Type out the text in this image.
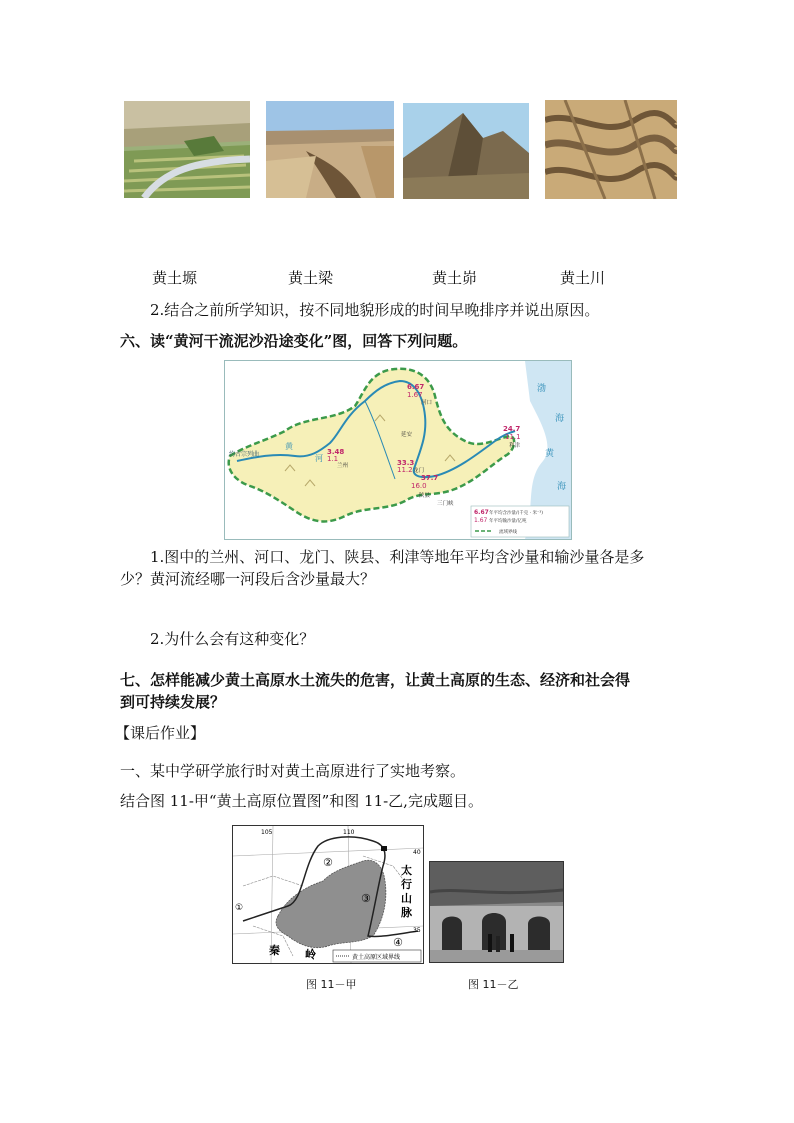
黄土塬	黄土梁	黄土峁	黄土川
2.结合之前所学知识，按不同地貌形成的时间早晚排序并说出原因。
六、读“黄河干流泥沙沿途变化”图，回答下列问题。
约古宗列曲
黄
河
渤
海
黄
海
6.67
1.67
河口
3.48
1.1
兰州
延安
33.3
11.2 龙门
37.7
16.0
陕县
三门峡
24.7
11.1
利津
6.67 年平均含沙量/(千克 · 米⁻³)
1.67 年平均输沙量/亿吨
流域界线
1.图中的兰州、河口、龙门、陕县、利津等地年平均含沙量和输沙量各是多
少？黄河流经哪一河段后含沙量最大？
2.为什么会有这种变化？
七、怎样能减少黄土高原水土流失的危害，让黄土高原的生态、经济和社会得
到可持续发展？
【课后作业】
一、某中学研学旅行时对黄土高原进行了实地考察。
结合图 11-甲“黄土高原位置图”和图 11-乙,完成题目。
105	110
40
35
①
②
③
④
太
行
山
脉
秦 岭	黄土高原区域界线
图 11－甲	图 11－乙
